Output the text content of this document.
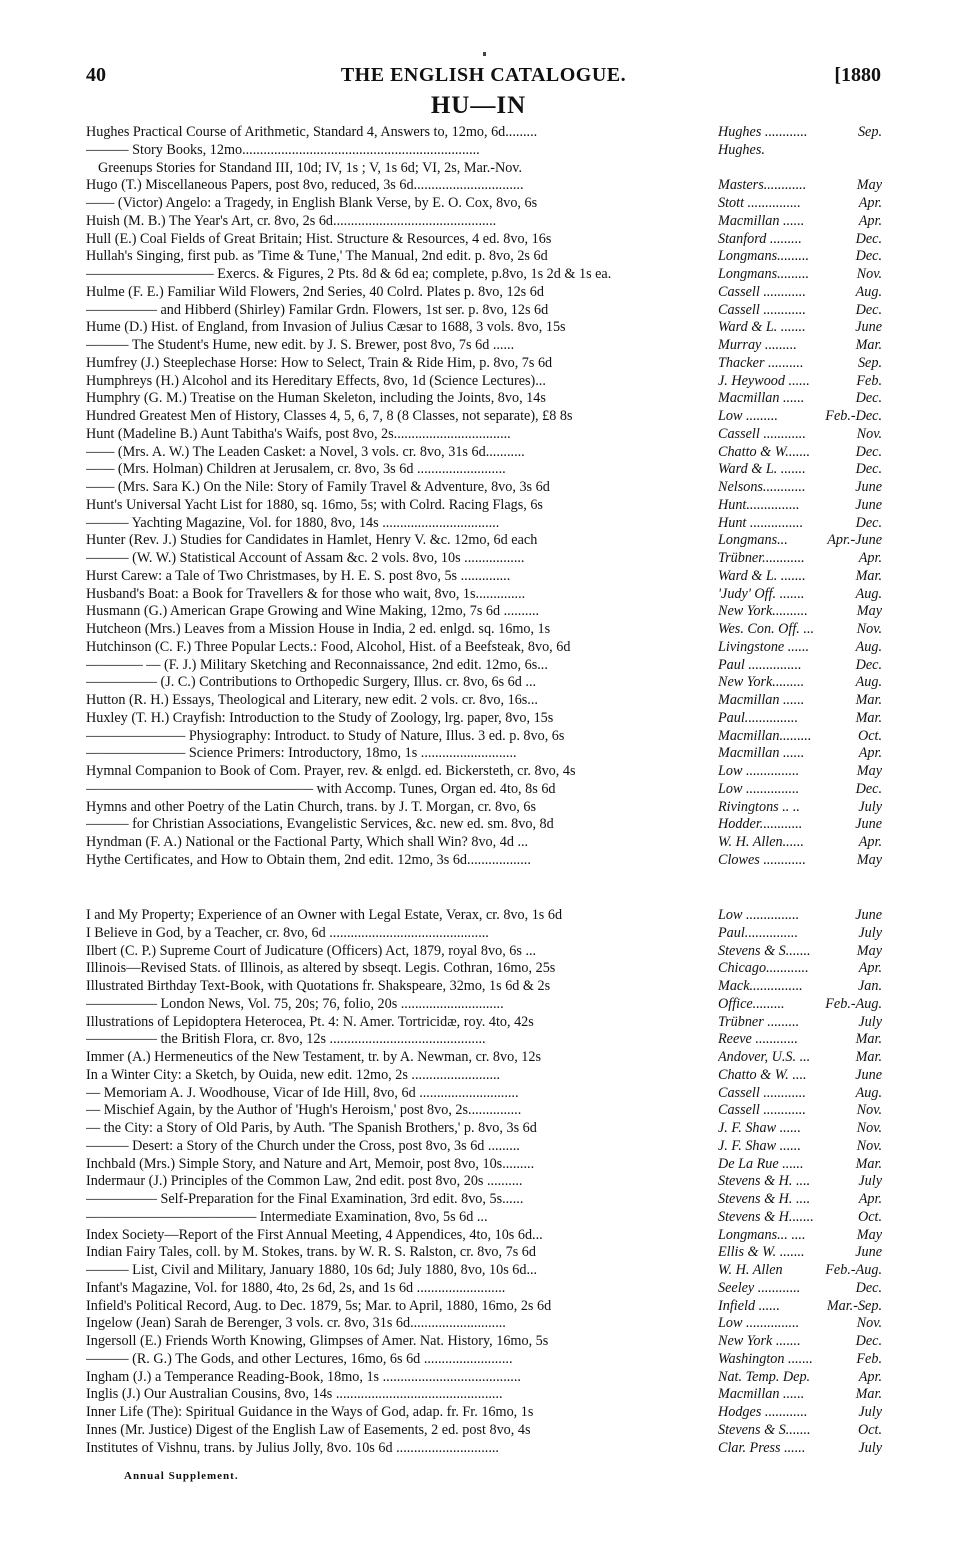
40	THE ENGLISH CATALOGUE.	[1880
HU—IN
Hughes Practical Course of Arithmetic, Standard 4, Answers to, 12mo, 6d.........	Hughes ............	Sep.
——— Story Books, 12mo...................................................................	Hughes.
Greenups Stories for Standand III, 10d; IV, 1s ; V, 1s 6d; VI, 2s, Mar.-Nov.
Hugo (T.) Miscellaneous Papers, post 8vo, reduced, 3s 6d...............................	Masters............	May
—— (Victor) Angelo: a Tragedy, in English Blank Verse, by E. O. Cox, 8vo, 6s	Stott ...............	Apr.
Huish (M. B.) The Year's Art, cr. 8vo, 2s 6d..............................................	Macmillan ......	Apr.
Hull (E.) Coal Fields of Great Britain; Hist. Structure & Resources, 4 ed. 8vo, 16s	Stanford .........	Dec.
Hullah's Singing, first pub. as 'Time & Tune,' The Manual, 2nd edit. p. 8vo, 2s 6d	Longmans.........	Dec.
————————— Exercs. & Figures, 2 Pts. 8d & 6d ea; complete, p.8vo, 1s 2d & 1s ea.	Longmans.........	Nov.
Hulme (F. E.) Familiar Wild Flowers, 2nd Series, 40 Colrd. Plates p. 8vo, 12s 6d	Cassell ............	Aug.
————— and Hibberd (Shirley) Familar Grdn. Flowers, 1st ser. p. 8vo, 12s 6d	Cassell ............	Dec.
Hume (D.) Hist. of England, from Invasion of Julius Cæsar to 1688, 3 vols. 8vo, 15s	Ward & L. .......	June
——— The Student's Hume, new edit. by J. S. Brewer, post 8vo, 7s 6d ......	Murray .........	Mar.
Humfrey (J.) Steeplechase Horse: How to Select, Train & Ride Him, p. 8vo, 7s 6d	Thacker ..........	Sep.
Humphreys (H.) Alcohol and its Hereditary Effects, 8vo, 1d (Science Lectures)...	J. Heywood ......	Feb.
Humphry (G. M.) Treatise on the Human Skeleton, including the Joints, 8vo, 14s	Macmillan ......	Dec.
Hundred Greatest Men of History, Classes 4, 5, 6, 7, 8 (8 Classes, not separate), £8 8s	Low .........	Feb.-Dec.
Hunt (Madeline B.) Aunt Tabitha's Waifs, post 8vo, 2s.................................	Cassell ............	Nov.
—— (Mrs. A. W.) The Leaden Casket: a Novel, 3 vols. cr. 8vo, 31s 6d...........	Chatto & W.......	Dec.
—— (Mrs. Holman) Children at Jerusalem, cr. 8vo, 3s 6d .........................	Ward & L. .......	Dec.
—— (Mrs. Sara K.) On the Nile: Story of Family Travel & Adventure, 8vo, 3s 6d	Nelsons............	June
Hunt's Universal Yacht List for 1880, sq. 16mo, 5s; with Colrd. Racing Flags, 6s	Hunt...............	June
——— Yachting Magazine, Vol. for 1880, 8vo, 14s .................................	Hunt ...............	Dec.
Hunter (Rev. J.) Studies for Candidates in Hamlet, Henry V. &c. 12mo, 6d each	Longmans...	Apr.-June
——— (W. W.) Statistical Account of Assam &c. 2 vols. 8vo, 10s .................	Trübner............	Apr.
Hurst Carew: a Tale of Two Christmases, by H. E. S. post 8vo, 5s ..............	Ward & L. .......	Mar.
Husband's Boat: a Book for Travellers & for those who wait, 8vo, 1s..............	'Judy' Off. .......	Aug.
Husmann (G.) American Grape Growing and Wine Making, 12mo, 7s 6d ..........	New York..........	May
Hutcheon (Mrs.) Leaves from a Mission House in India, 2 ed. enlgd. sq. 16mo, 1s	Wes. Con. Off. ...	Nov.
Hutchinson (C. F.) Three Popular Lects.: Food, Alcohol, Hist. of a Beefsteak, 8vo, 6d	Livingstone ......	Aug.
———— — (F. J.) Military Sketching and Reconnaissance, 2nd edit. 12mo, 6s...	Paul ...............	Dec.
————— (J. C.) Contributions to Orthopedic Surgery, Illus. cr. 8vo, 6s 6d ...	New York.........	Aug.
Hutton (R. H.) Essays, Theological and Literary, new edit. 2 vols. cr. 8vo, 16s...	Macmillan ......	Mar.
Huxley (T. H.) Crayfish: Introduction to the Study of Zoology, lrg. paper, 8vo, 15s	Paul...............	Mar.
——————— Physiography: Introduct. to Study of Nature, Illus. 3 ed. p. 8vo, 6s	Macmillan.........	Oct.
——————— Science Primers: Introductory, 18mo, 1s ...........................	Macmillan ......	Apr.
Hymnal Companion to Book of Com. Prayer, rev. & enlgd. ed. Bickersteth, cr. 8vo, 4s	Low ...............	May
———————————————— with Accomp. Tunes, Organ ed. 4to, 8s 6d	Low ...............	Dec.
Hymns and other Poetry of the Latin Church, trans. by J. T. Morgan, cr. 8vo, 6s	Rivingtons .. ..	July
——— for Christian Associations, Evangelistic Services, &c. new ed. sm. 8vo, 8d	Hodder............	June
Hyndman (F. A.) National or the Factional Party, Which shall Win? 8vo, 4d ...	W. H. Allen......	Apr.
Hythe Certificates, and How to Obtain them, 2nd edit. 12mo, 3s 6d..................	Clowes ............	May
I and My Property; Experience of an Owner with Legal Estate, Verax, cr. 8vo, 1s 6d	Low ...............	June
I Believe in God, by a Teacher, cr. 8vo, 6d .............................................	Paul...............	July
Ilbert (C. P.) Supreme Court of Judicature (Officers) Act, 1879, royal 8vo, 6s ...	Stevens & S.......	May
Illinois—Revised Stats. of Illinois, as altered by sbseqt. Legis. Cothran, 16mo, 25s	Chicago............	Apr.
Illustrated Birthday Text-Book, with Quotations fr. Shakspeare, 32mo, 1s 6d & 2s	Mack...............	Jan.
————— London News, Vol. 75, 20s; 76, folio, 20s .............................	Office.........	Feb.-Aug.
Illustrations of Lepidoptera Heterocea, Pt. 4: N. Amer. Tortricidæ, roy. 4to, 42s	Trübner .........	July
————— the British Flora, cr. 8vo, 12s ............................................	Reeve ............	Mar.
Immer (A.) Hermeneutics of the New Testament, tr. by A. Newman, cr. 8vo, 12s	Andover, U.S. ...	Mar.
In a Winter City: a Sketch, by Ouida, new edit. 12mo, 2s .........................	Chatto & W. ....	June
— Memoriam A. J. Woodhouse, Vicar of Ide Hill, 8vo, 6d ............................	Cassell ............	Aug.
— Mischief Again, by the Author of 'Hugh's Heroism,' post 8vo, 2s...............	Cassell ............	Nov.
— the City: a Story of Old Paris, by Auth. 'The Spanish Brothers,' p. 8vo, 3s 6d	J. F. Shaw ......	Nov.
——— Desert: a Story of the Church under the Cross, post 8vo, 3s 6d .........	J. F. Shaw ......	Nov.
Inchbald (Mrs.) Simple Story, and Nature and Art, Memoir, post 8vo, 10s.........	De La Rue ......	Mar.
Indermaur (J.) Principles of the Common Law, 2nd edit. post 8vo, 20s ..........	Stevens & H. ....	July
————— Self-Preparation for the Final Examination, 3rd edit. 8vo, 5s......	Stevens & H. ....	Apr.
———————————— Intermediate Examination, 8vo, 5s 6d ...	Stevens & H.......	Oct.
Index Society—Report of the First Annual Meeting, 4 Appendices, 4to, 10s 6d...	Longmans... ....	May
Indian Fairy Tales, coll. by M. Stokes, trans. by W. R. S. Ralston, cr. 8vo, 7s 6d	Ellis & W. .......	June
——— List, Civil and Military, January 1880, 10s 6d; July 1880, 8vo, 10s 6d...	W. H. Allen	Feb.-Aug.
Infant's Magazine, Vol. for 1880, 4to, 2s 6d, 2s, and 1s 6d .........................	Seeley ............	Dec.
Infield's Political Record, Aug. to Dec. 1879, 5s; Mar. to April, 1880, 16mo, 2s 6d	Infield ......	Mar.-Sep.
Ingelow (Jean) Sarah de Berenger, 3 vols. cr. 8vo, 31s 6d...........................	Low ...............	Nov.
Ingersoll (E.) Friends Worth Knowing, Glimpses of Amer. Nat. History, 16mo, 5s	New York .......	Dec.
——— (R. G.) The Gods, and other Lectures, 16mo, 6s 6d .........................	Washington .......	Feb.
Ingham (J.) a Temperance Reading-Book, 18mo, 1s .......................................	Nat. Temp. Dep.	Apr.
Inglis (J.) Our Australian Cousins, 8vo, 14s ...............................................	Macmillan ......	Mar.
Inner Life (The): Spiritual Guidance in the Ways of God, adap. fr. Fr. 16mo, 1s	Hodges ............	July
Innes (Mr. Justice) Digest of the English Law of Easements, 2 ed. post 8vo, 4s	Stevens & S.......	Oct.
Institutes of Vishnu, trans. by Julius Jolly, 8vo. 10s 6d .............................	Clar. Press ......	July
Annual Supplement.
